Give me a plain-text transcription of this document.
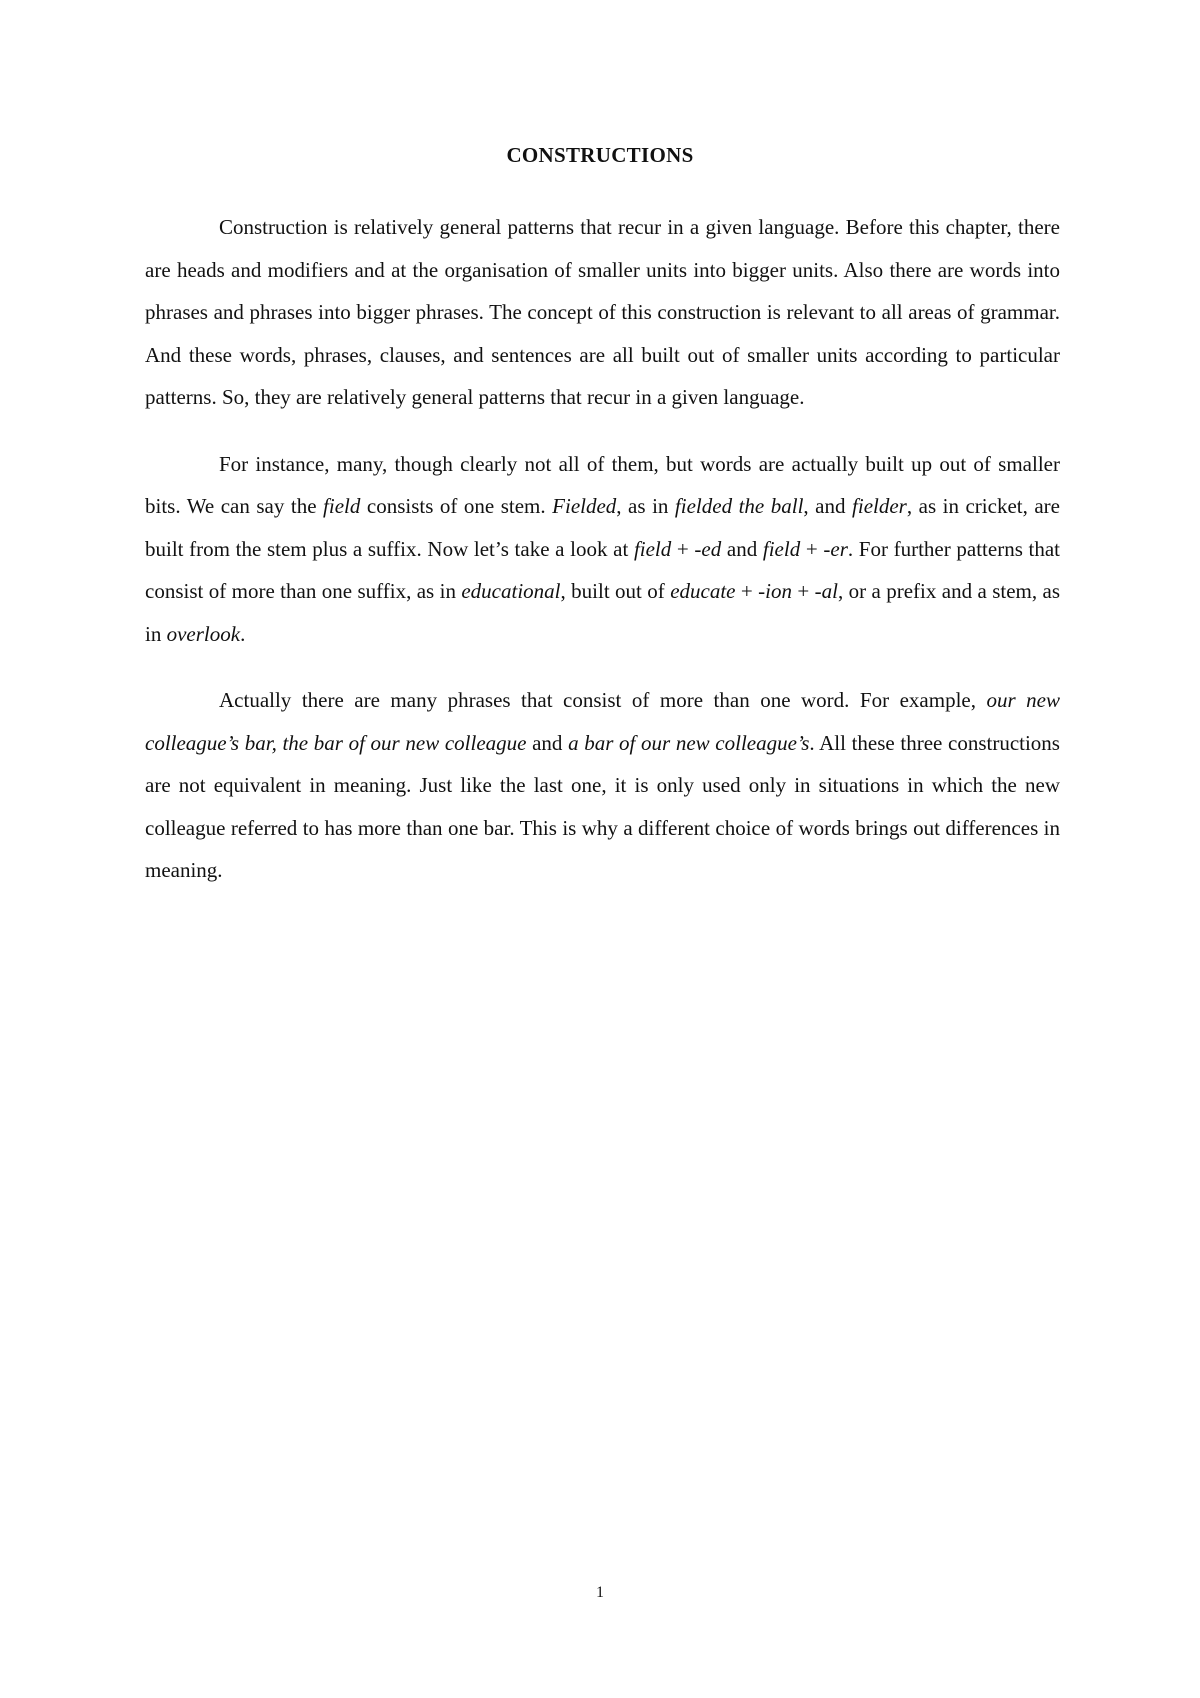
CONSTRUCTIONS

Construction is relatively general patterns that recur in a given language. Before this chapter, there are heads and modifiers and at the organisation of smaller units into bigger units. Also there are words into phrases and phrases into bigger phrases. The concept of this construction is relevant to all areas of grammar. And these words, phrases, clauses, and sentences are all built out of smaller units according to particular patterns. So, they are relatively general patterns that recur in a given language.

For instance, many, though clearly not all of them, but words are actually built up out of smaller bits. We can say the field consists of one stem. Fielded, as in fielded the ball, and fielder, as in cricket, are built from the stem plus a suffix. Now let’s take a look at field + -ed and field + -er. For further patterns that consist of more than one suffix, as in educational, built out of educate + -ion + -al, or a prefix and a stem, as in overlook.

Actually there are many phrases that consist of more than one word. For example, our new colleague’s bar, the bar of our new colleague and a bar of our new colleague’s. All these three constructions are not equivalent in meaning. Just like the last one, it is only used only in situations in which the new colleague referred to has more than one bar. This is why a different choice of words brings out differences in meaning.

1
